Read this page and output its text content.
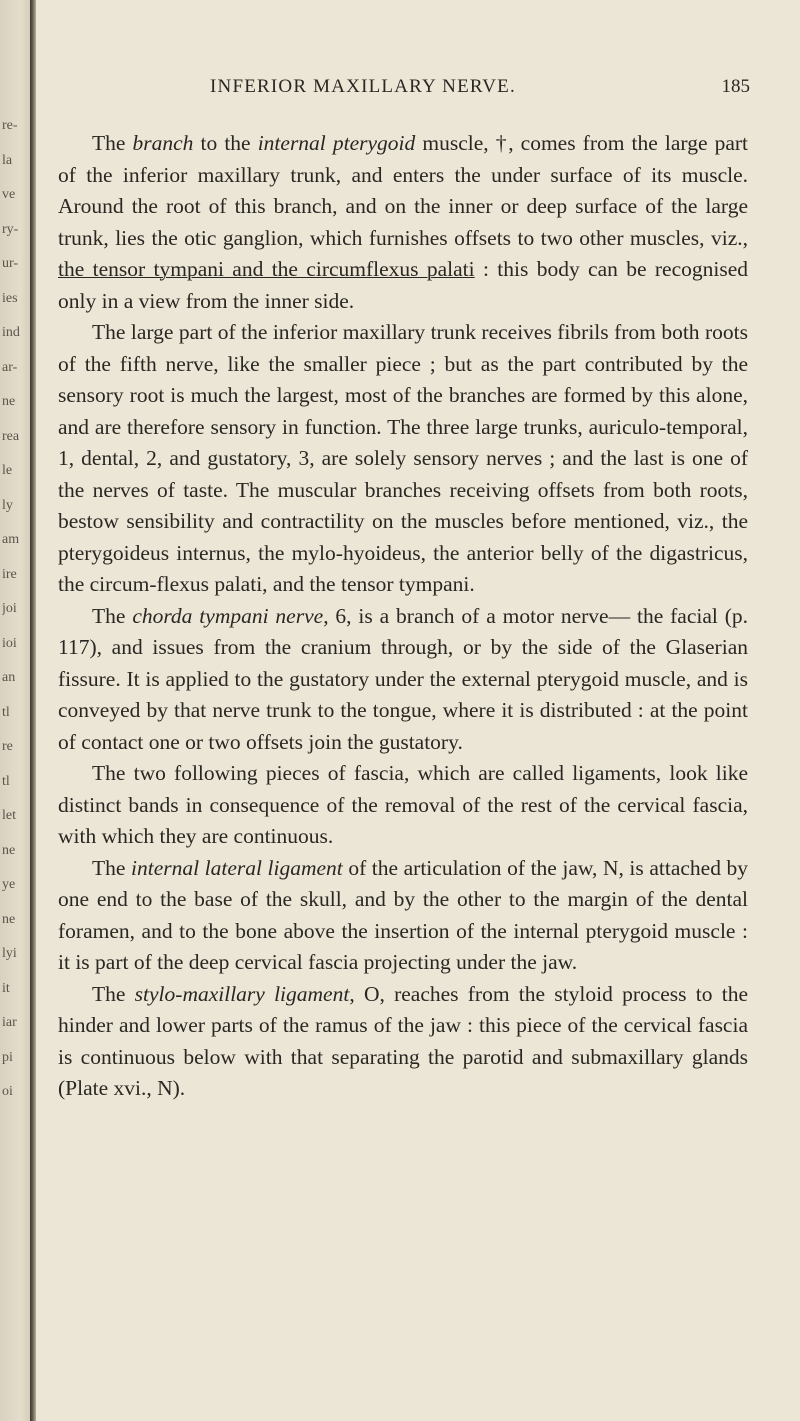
re-
la
ve
ry-
ur-
ies
ind
ar-
ne
rea
le
ly
am
ire
joi
ioi
an
tl
re
tl
let
ne
ye
ne
lyi
it
iar
pi
oi
INFERIOR MAXILLARY NERVE.	185

The branch to the internal pterygoid muscle, †, comes from the large part of the inferior maxillary trunk, and enters the under surface of its muscle. Around the root of this branch, and on the inner or deep surface of the large trunk, lies the otic ganglion, which furnishes offsets to two other muscles, viz., the tensor tympani and the circumflexus palati : this body can be recognised only in a view from the inner side.

The large part of the inferior maxillary trunk receives fibrils from both roots of the fifth nerve, like the smaller piece ; but as the part contributed by the sensory root is much the largest, most of the branches are formed by this alone, and are therefore sensory in function. The three large trunks, auriculo-temporal, 1, dental, 2, and gustatory, 3, are solely sensory nerves ; and the last is one of the nerves of taste. The muscular branches receiving offsets from both roots, bestow sensibility and contractility on the muscles before mentioned, viz., the pterygoideus internus, the mylo-hyoideus, the anterior belly of the digastricus, the circum-flexus palati, and the tensor tympani.

The chorda tympani nerve, 6, is a branch of a motor nerve— the facial (p. 117), and issues from the cranium through, or by the side of the Glaserian fissure. It is applied to the gustatory under the external pterygoid muscle, and is conveyed by that nerve trunk to the tongue, where it is distributed : at the point of contact one or two offsets join the gustatory.

The two following pieces of fascia, which are called ligaments, look like distinct bands in consequence of the removal of the rest of the cervical fascia, with which they are continuous.

The internal lateral ligament of the articulation of the jaw, N, is attached by one end to the base of the skull, and by the other to the margin of the dental foramen, and to the bone above the insertion of the internal pterygoid muscle : it is part of the deep cervical fascia projecting under the jaw.

The stylo-maxillary ligament, O, reaches from the styloid process to the hinder and lower parts of the ramus of the jaw : this piece of the cervical fascia is continuous below with that separating the parotid and submaxillary glands (Plate xvi., N).
